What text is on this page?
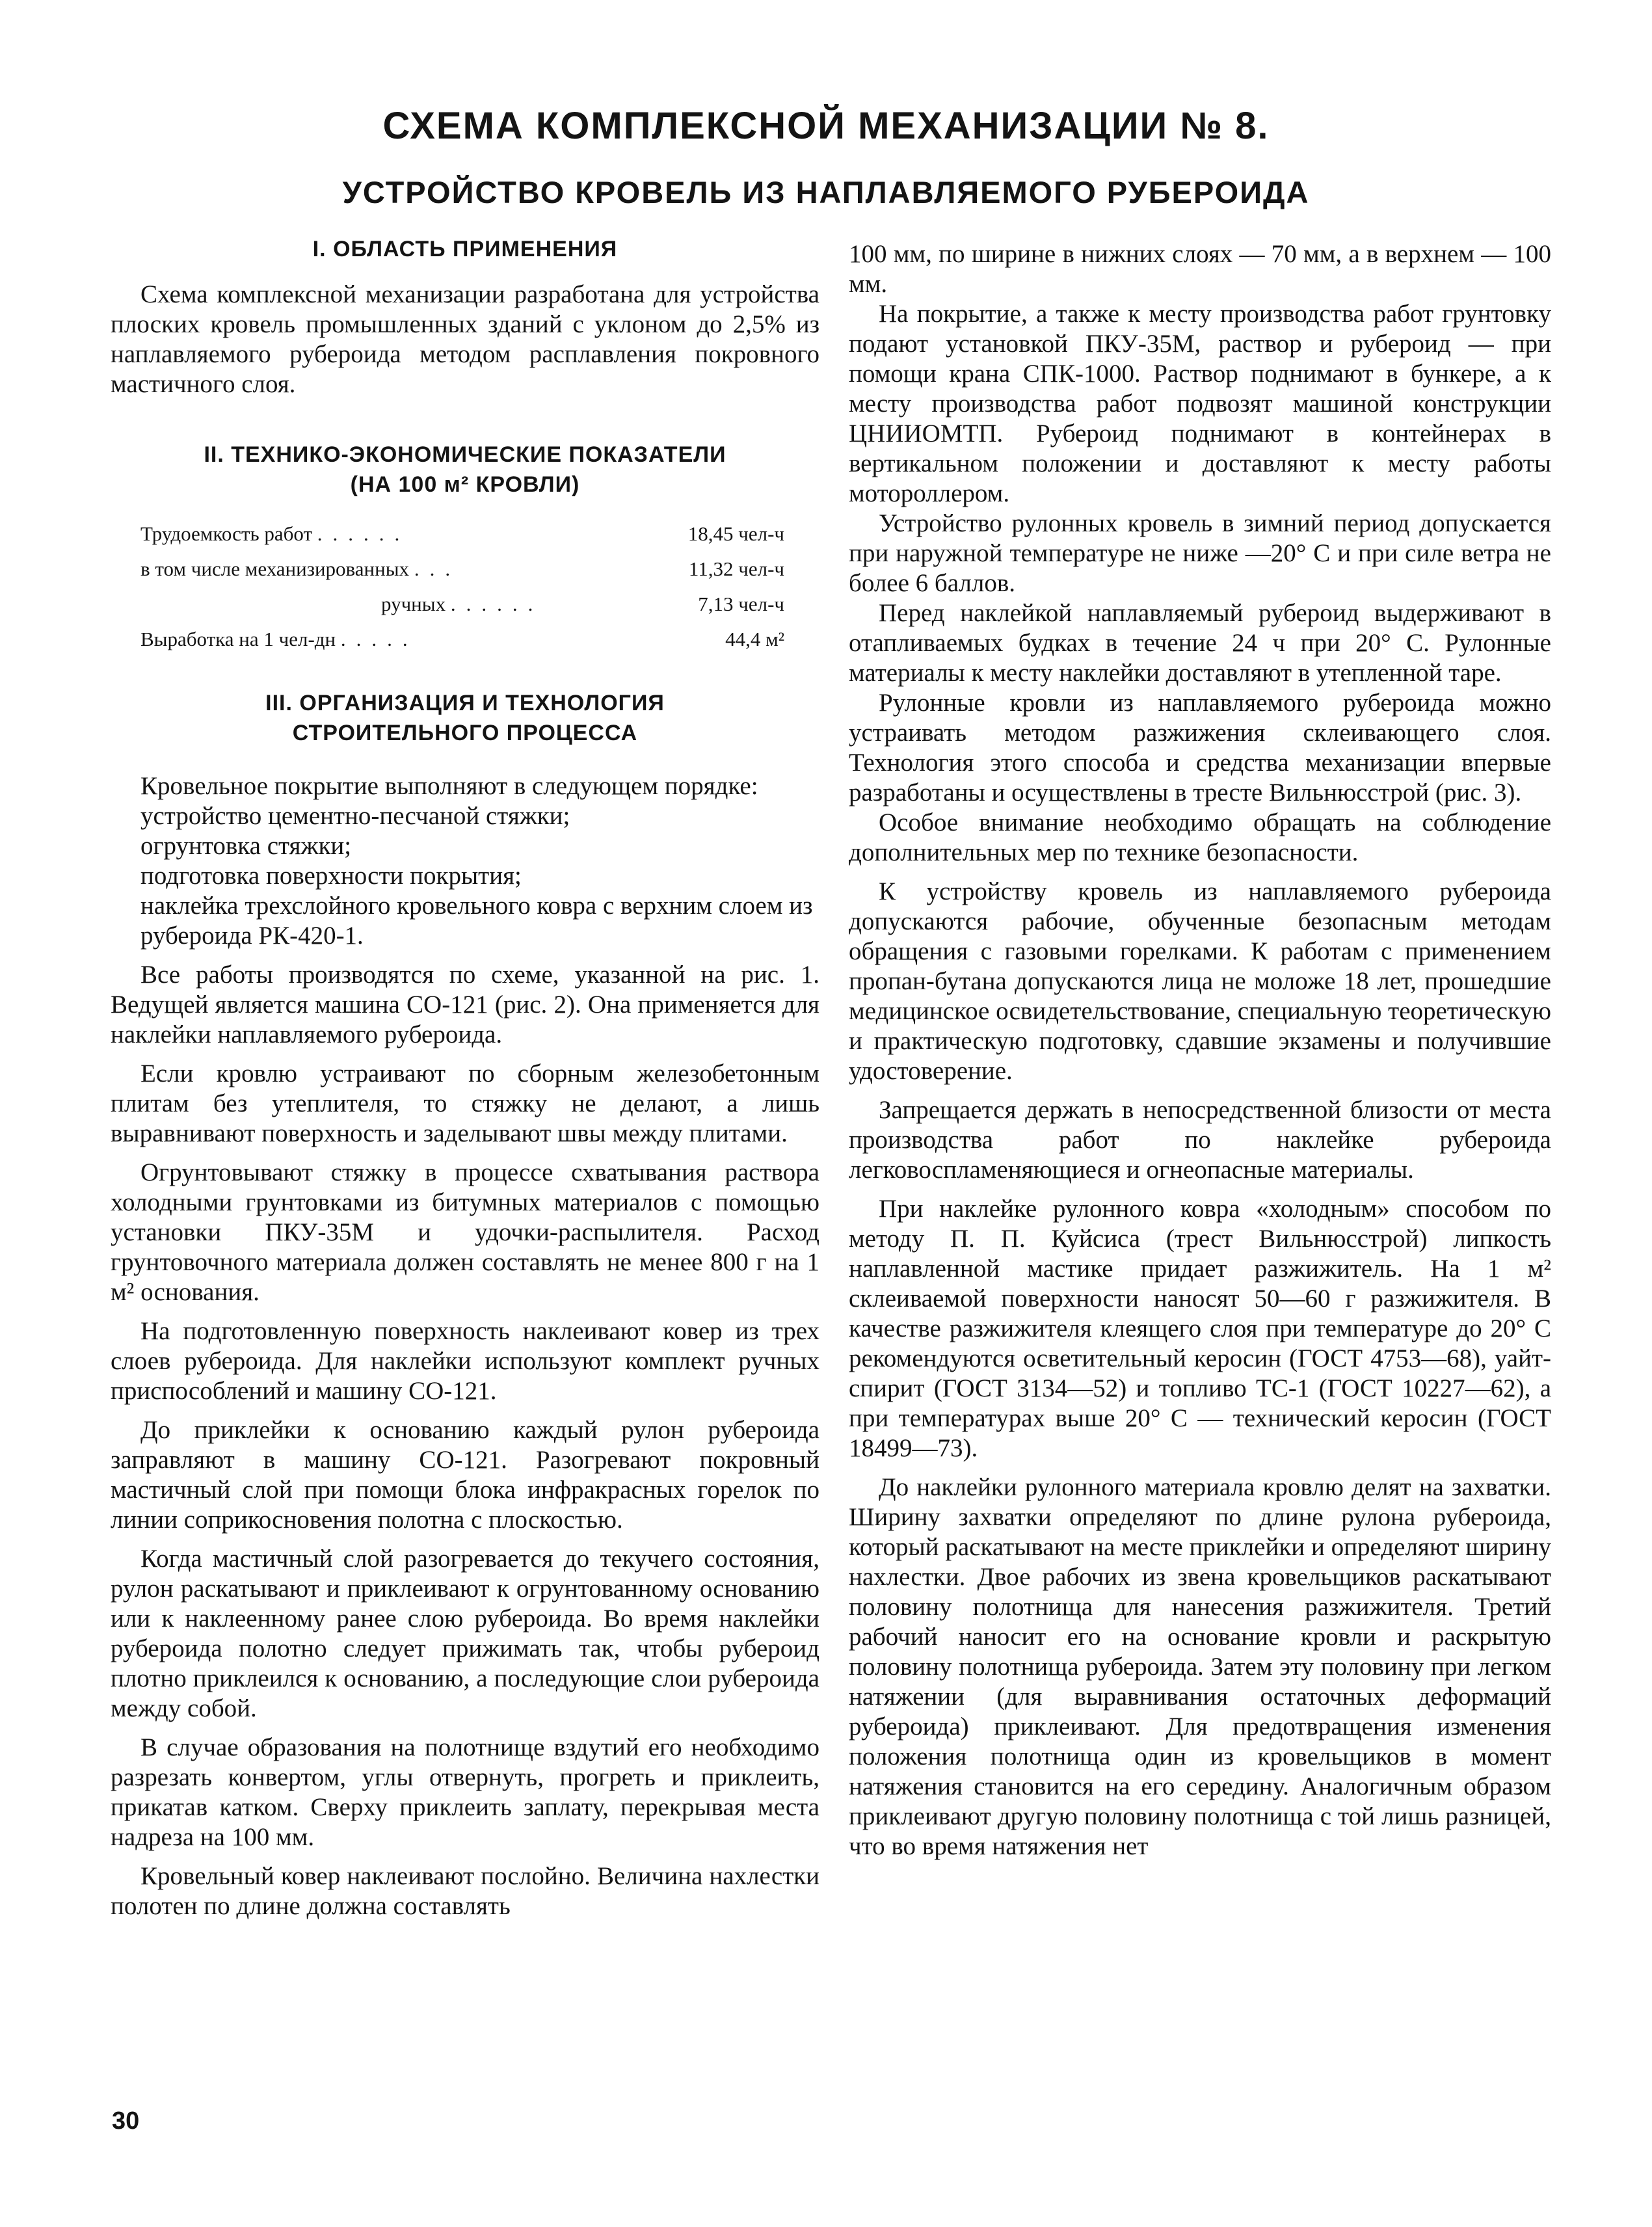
СХЕМА КОМПЛЕКСНОЙ МЕХАНИЗАЦИИ № 8.
УСТРОЙСТВО КРОВЕЛЬ ИЗ НАПЛАВЛЯЕМОГО РУБЕРОИДА
I. ОБЛАСТЬ ПРИМЕНЕНИЯ

Схема комплексной механизации разработана для устройства плоских кровель промышленных зданий с уклоном до 2,5% из наплавляемого рубероида методом расплавления покровного мастичного слоя.

II. ТЕХНИКО-ЭКОНОМИЧЕСКИЕ ПОКАЗАТЕЛИ
(НА 100 м² КРОВЛИ)
Трудоемкость работ ......	18,45 чел-ч
в том числе механизированных ...	11,32 чел-ч
ручных ......	7,13 чел-ч
Выработка на 1 чел-дн .....	44,4 м²
III. ОРГАНИЗАЦИЯ И ТЕХНОЛОГИЯ
СТРОИТЕЛЬНОГО ПРОЦЕССА

Кровельное покрытие выполняют в следующем порядке:

устройство цементно-песчаной стяжки;

огрунтовка стяжки;

подготовка поверхности покрытия;

наклейка трехслойного кровельного ковра с верхним слоем из рубероида РК-420-1.

Все работы производятся по схеме, указанной на рис. 1. Ведущей является машина СО-121 (рис. 2). Она применяется для наклейки наплавляемого рубероида.

Если кровлю устраивают по сборным железобетонным плитам без утеплителя, то стяжку не делают, а лишь выравнивают поверхность и заделывают швы между плитами.

Огрунтовывают стяжку в процессе схватывания раствора холодными грунтовками из битумных материалов с помощью установки ПКУ-35М и удочки-распылителя. Расход грунтовочного материала должен составлять не менее 800 г на 1 м² основания.

На подготовленную поверхность наклеивают ковер из трех слоев рубероида. Для наклейки используют комплект ручных приспособлений и машину СО-121.

До приклейки к основанию каждый рулон рубероида заправляют в машину СО-121. Разогревают покровный мастичный слой при помощи блока инфракрасных горелок по линии соприкосновения полотна с плоскостью.

Когда мастичный слой разогревается до текучего состояния, рулон раскатывают и приклеивают к огрунтованному основанию или к наклеенному ранее слою рубероида. Во время наклейки рубероида полотно следует прижимать так, чтобы рубероид плотно приклеился к основанию, а последующие слои рубероида между собой.

В случае образования на полотнище вздутий его необходимо разрезать конвертом, углы отвернуть, прогреть и приклеить, прикатав катком. Сверху приклеить заплату, перекрывая места надреза на 100 мм.

Кровельный ковер наклеивают послойно. Величина нахлестки полотен по длине должна составлять

100 мм, по ширине в нижних слоях — 70 мм, а в верхнем — 100 мм.

На покрытие, а также к месту производства работ грунтовку подают установкой ПКУ-35М, раствор и рубероид — при помощи крана СПК-1000. Раствор поднимают в бункере, а к месту производства работ подвозят машиной конструкции ЦНИИОМТП. Рубероид поднимают в контейнерах в вертикальном положении и доставляют к месту работы мотороллером.

Устройство рулонных кровель в зимний период допускается при наружной температуре не ниже —20° С и при силе ветра не более 6 баллов.

Перед наклейкой наплавляемый рубероид выдерживают в отапливаемых будках в течение 24 ч при 20° С. Рулонные материалы к месту наклейки доставляют в утепленной таре.

Рулонные кровли из наплавляемого рубероида можно устраивать методом разжижения склеивающего слоя. Технология этого способа и средства механизации впервые разработаны и осуществлены в тресте Вильнюсстрой (рис. 3).

Особое внимание необходимо обращать на соблюдение дополнительных мер по технике безопасности.

К устройству кровель из наплавляемого рубероида допускаются рабочие, обученные безопасным методам обращения с газовыми горелками. К работам с применением пропан-бутана допускаются лица не моложе 18 лет, прошедшие медицинское освидетельствование, специальную теоретическую и практическую подготовку, сдавшие экзамены и получившие удостоверение.

Запрещается держать в непосредственной близости от места производства работ по наклейке рубероида легковоспламеняющиеся и огнеопасные материалы.

При наклейке рулонного ковра «холодным» способом по методу П. П. Куйсиса (трест Вильнюсстрой) липкость наплавленной мастике придает разжижитель. На 1 м² склеиваемой поверхности наносят 50—60 г разжижителя. В качестве разжижителя клеящего слоя при температуре до 20° С рекомендуются осветительный керосин (ГОСТ 4753—68), уайт-спирит (ГОСТ 3134—52) и топливо ТС-1 (ГОСТ 10227—62), а при температурах выше 20° С — технический керосин (ГОСТ 18499—73).

До наклейки рулонного материала кровлю делят на захватки. Ширину захватки определяют по длине рулона рубероида, который раскатывают на месте приклейки и определяют ширину нахлестки. Двое рабочих из звена кровельщиков раскатывают половину полотнища для нанесения разжижителя. Третий рабочий наносит его на основание кровли и раскрытую половину полотнища рубероида. Затем эту половину при легком натяжении (для выравнивания остаточных деформаций рубероида) приклеивают. Для предотвращения изменения положения полотнища один из кровельщиков в момент натяжения становится на его середину. Аналогичным образом приклеивают другую половину полотнища с той лишь разницей, что во время натяжения нет

30
